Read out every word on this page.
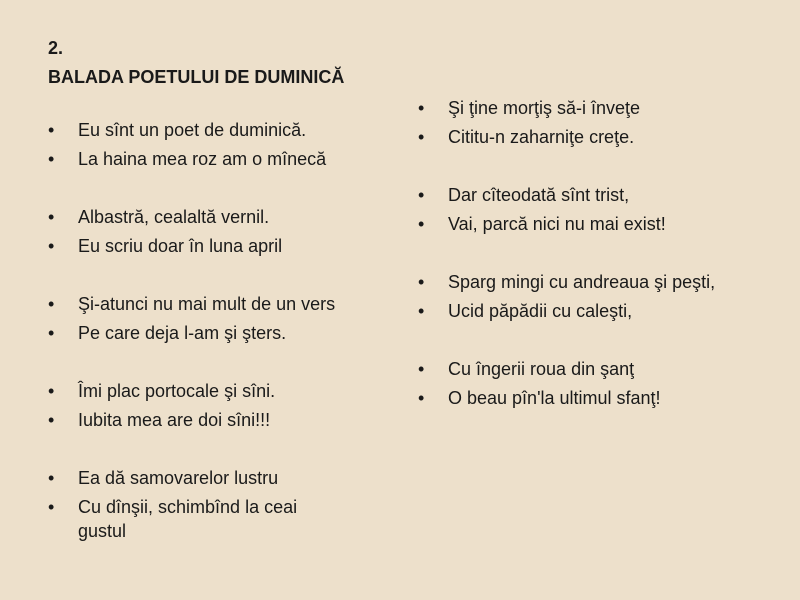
2.
BALADA POETULUI DE DUMINICĂ
•	Eu sînt un poet de duminică.
•	La haina mea roz am o mînecă
•	Albastră, cealaltă vernil.
•	Eu scriu doar în luna april
•	Şi-atunci nu mai mult de un vers
•	Pe care deja l-am şi şters.
•	Îmi plac portocale şi sîni.
•	Iubita mea are doi sîni!!!
•	Ea dă samovarelor lustru
•	Cu dînşii, schimbînd la ceai gustul
•	Şi ţine morţiş să-i înveţe
•	Cititu-n zaharniţe creţe.
•	Dar cîteodată sînt trist,
•	Vai, parcă nici nu mai exist!
•	Sparg mingi cu andreaua şi peşti,
•	Ucid păpădii cu caleşti,
•	Cu îngerii roua din şanţ
•	O beau pîn'la ultimul sfanţ!
